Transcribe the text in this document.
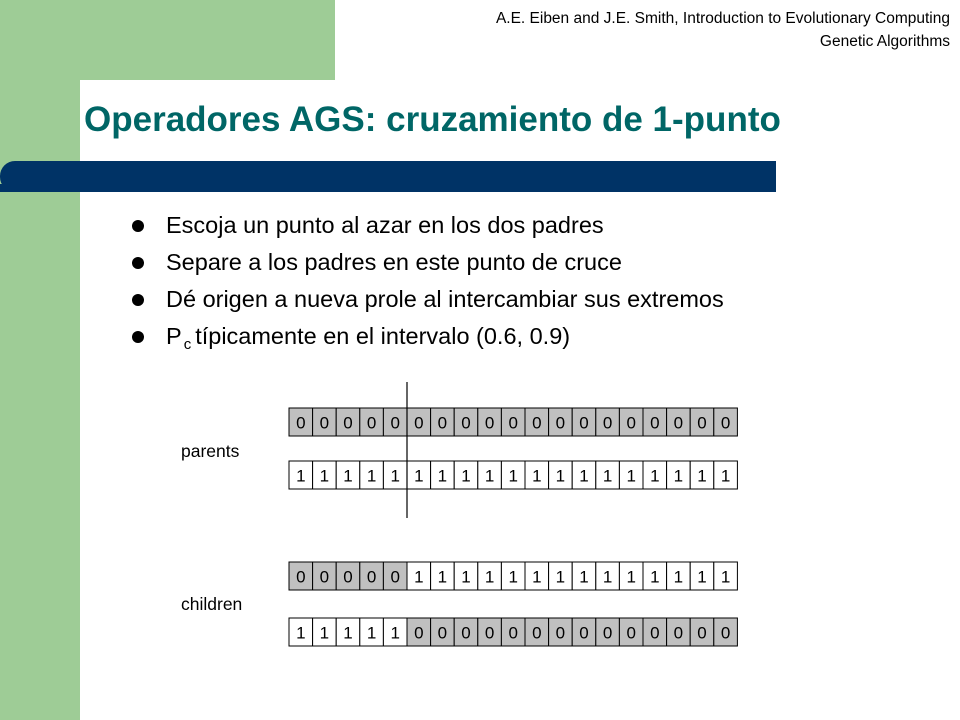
A.E. Eiben and J.E. Smith, Introduction to Evolutionary Computing
Genetic Algorithms
Operadores AGS: cruzamiento de 1-punto
Escoja un punto al azar en los dos padres
Separe a los padres en este punto de cruce
Dé origen a nueva prole al intercambiar sus extremos
P $_c$ típicamente en el intervalo (0.6, 0.9)
parents
children
0 0 0 0 0 0 0 0 0 0 0 0 0 0 0 0 0 0 0
1 1 1 1 1 1 1 1 1 1 1 1 1 1 1 1 1 1 1
0 0 0 0 0 1 1 1 1 1 1 1 1 1 1 1 1 1 1
1 1 1 1 1 0 0 0 0 0 0 0 0 0 0 0 0 0 0
